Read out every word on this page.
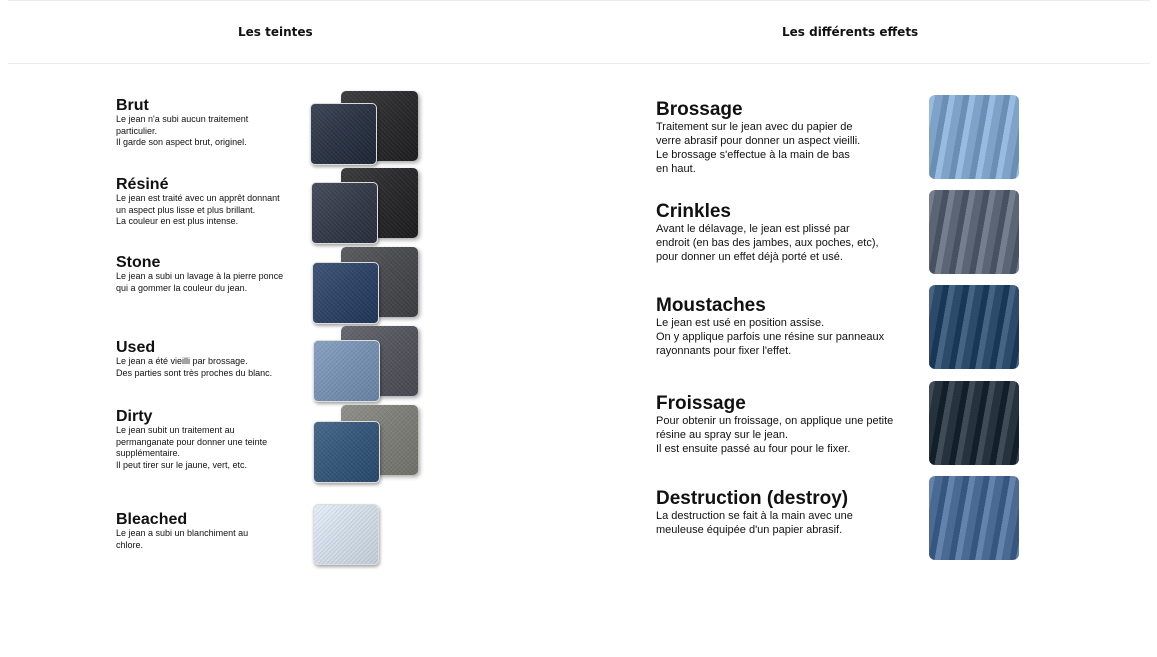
Les teintes	Les différents effets
Brut

Le jean n'a subi aucun traitement
particulier.
Il garde son aspect brut, originel.

Résiné

Le jean est traité avec un apprêt donnant
un aspect plus lisse et plus brillant.
La couleur en est plus intense.

Stone

Le jean a subi un lavage à la pierre ponce
qui a gommer la couleur du jean.

Used

Le jean a été vieilli par brossage.
Des parties sont très proches du blanc.

Dirty

Le jean subit un traitement au
permanganate pour donner une teinte
supplémentaire.
Il peut tirer sur le jaune, vert, etc.

Bleached

Le jean a subi un blanchiment au
chlore.

Brossage

Traitement sur le jean avec du papier de
verre abrasif pour donner un aspect vieilli.
Le brossage s'effectue à la main de bas
en haut.

Crinkles

Avant le délavage, le jean est plissé par
endroit (en bas des jambes, aux poches, etc),
pour donner un effet déjà porté et usé.

Moustaches

Le jean est usé en position assise.
On y applique parfois une résine sur panneaux
rayonnants pour fixer l'effet.

Froissage

Pour obtenir un froissage, on applique une petite
résine au spray sur le jean.
Il est ensuite passé au four pour le fixer.

Destruction (destroy)

La destruction se fait à la main avec une
meuleuse équipée d'un papier abrasif.
